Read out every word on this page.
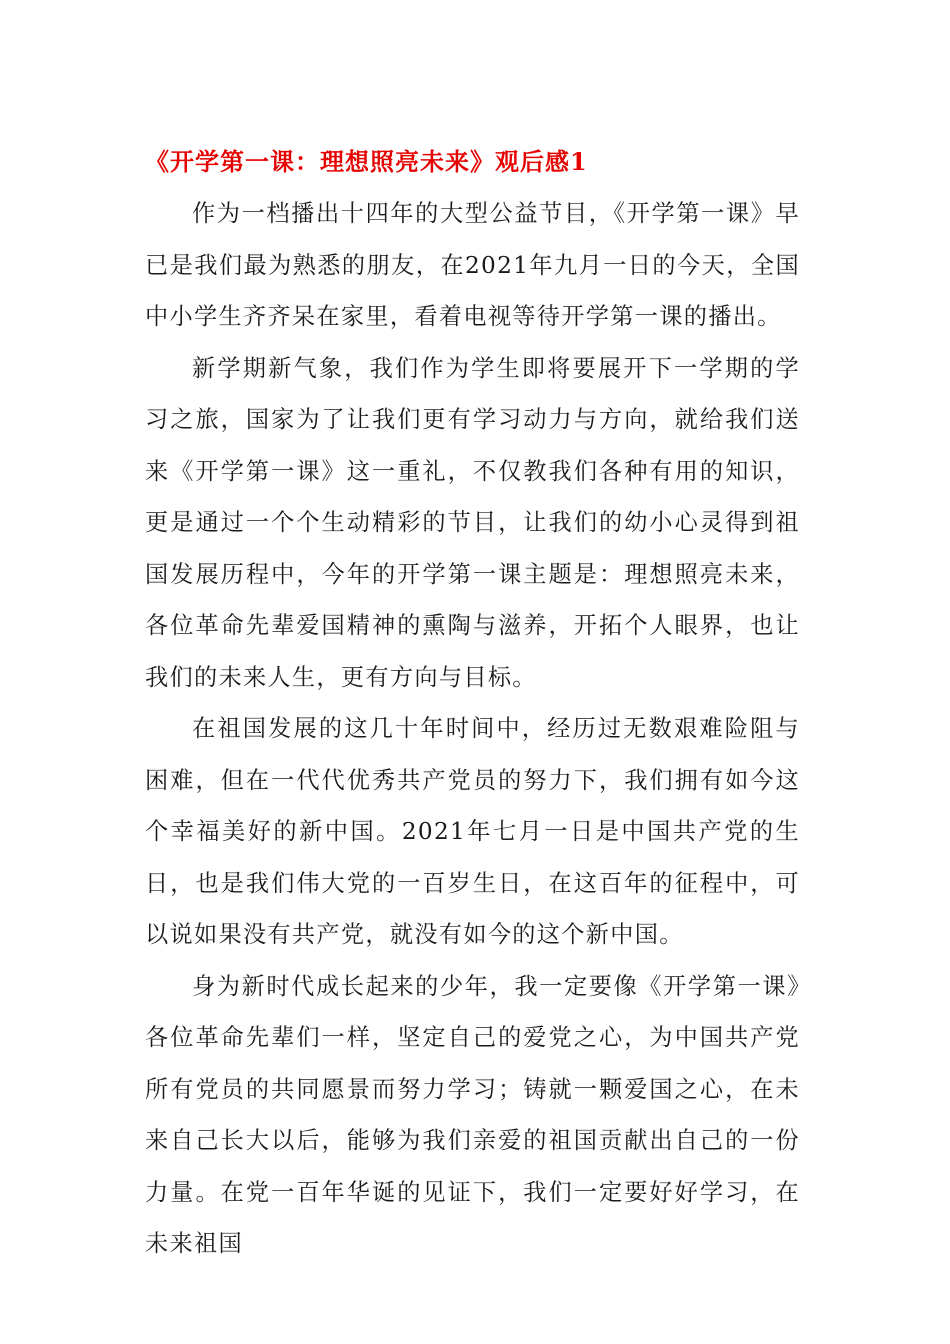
《开学第一课：理想照亮未来》观后感1

作为一档播出十四年的大型公益节目，《开学第一课》早已是我们最为熟悉的朋友，在2021年九月一日的今天，全国中小学生齐齐呆在家里，看着电视等待开学第一课的播出。

新学期新气象，我们作为学生即将要展开下一学期的学习之旅，国家为了让我们更有学习动力与方向，就给我们送来《开学第一课》这一重礼，不仅教我们各种有用的知识，更是通过一个个生动精彩的节目，让我们的幼小心灵得到祖国发展历程中，今年的开学第一课主题是：理想照亮未来，各位革命先辈爱国精神的熏陶与滋养，开拓个人眼界，也让我们的未来人生，更有方向与目标。

在祖国发展的这几十年时间中，经历过无数艰难险阻与困难，但在一代代优秀共产党员的努力下，我们拥有如今这个幸福美好的新中国。2021年七月一日是中国共产党的生日，也是我们伟大党的一百岁生日，在这百年的征程中，可以说如果没有共产党，就没有如今的这个新中国。

身为新时代成长起来的少年，我一定要像《开学第一课》各位革命先辈们一样，坚定自己的爱党之心，为中国共产党所有党员的共同愿景而努力学习；铸就一颗爱国之心，在未来自己长大以后，能够为我们亲爱的祖国贡献出自己的一份力量。在党一百年华诞的见证下，我们一定要好好学习，在未来祖国
